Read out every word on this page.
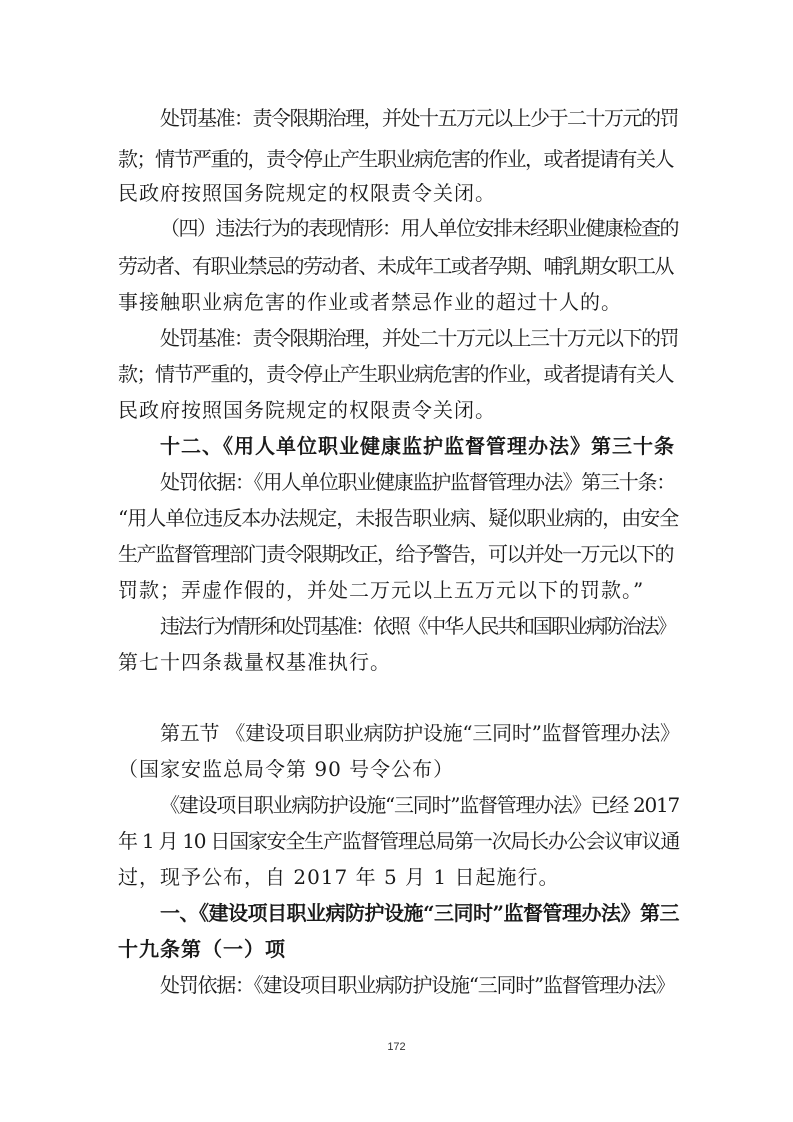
处罚基准：责令限期治理，并处十五万元以上少于二十万元的罚
款；情节严重的，责令停止产生职业病危害的作业，或者提请有关人
民政府按照国务院规定的权限责令关闭。
（四）违法行为的表现情形：用人单位安排未经职业健康检查的
劳动者、有职业禁忌的劳动者、未成年工或者孕期、哺乳期女职工从
事接触职业病危害的作业或者禁忌作业的超过十人的。
处罚基准：责令限期治理，并处二十万元以上三十万元以下的罚
款；情节严重的，责令停止产生职业病危害的作业，或者提请有关人
民政府按照国务院规定的权限责令关闭。
十二、《用人单位职业健康监护监督管理办法》第三十条
处罚依据：《用人单位职业健康监护监督管理办法》第三十条：
“用人单位违反本办法规定，未报告职业病、疑似职业病的，由安全
生产监督管理部门责令限期改正，给予警告，可以并处一万元以下的
罚款；弄虚作假的，并处二万元以上五万元以下的罚款。”
违法行为情形和处罚基准：依照《中华人民共和国职业病防治法》
第七十四条裁量权基准执行。
第五节 《建设项目职业病防护设施“三同时”监督管理办法》
（国家安监总局令第 90 号令公布）
《建设项目职业病防护设施“三同时”监督管理办法》已经 2017
年 1 月 10 日国家安全生产监督管理总局第一次局长办公会议审议通
过，现予公布，自 2017 年 5 月 1 日起施行。
一、《建设项目职业病防护设施“三同时”监督管理办法》第三
十九条第（一）项
处罚依据：《建设项目职业病防护设施“三同时”监督管理办法》
172
